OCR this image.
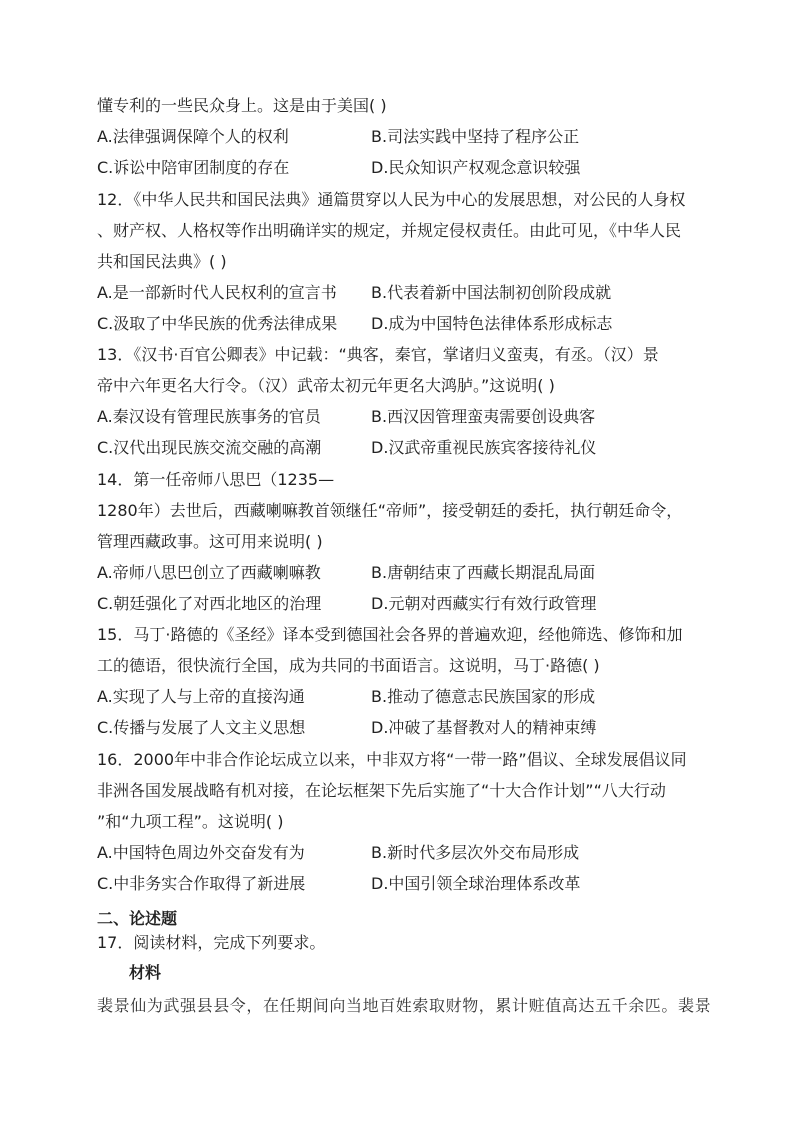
懂专利的一些民众身上。这是由于美国( )
A.法律强调保障个人的权利	B.司法实践中坚持了程序公正
C.诉讼中陪审团制度的存在	D.民众知识产权观念意识较强
12．《中华人民共和国民法典》通篇贯穿以人民为中心的发展思想，对公民的人身权
、财产权、人格权等作出明确详实的规定，并规定侵权责任。由此可见，《中华人民
共和国民法典》( )
A.是一部新时代人民权利的宣言书 B.代表着新中国法制初创阶段成就
C.汲取了中华民族的优秀法律成果 D.成为中国特色法律体系形成标志
13．《汉书·百官公卿表》中记载：“典客，秦官，掌诸归义蛮夷，有丞。（汉）景
帝中六年更名大行令。（汉）武帝太初元年更名大鸿胪。”这说明( )
A.秦汉设有管理民族事务的官员	B.西汉因管理蛮夷需要创设典客
C.汉代出现民族交流交融的高潮	D.汉武帝重视民族宾客接待礼仪
14．第一任帝师八思巴（1235—
1280年）去世后，西藏喇嘛教首领继任“帝师”，接受朝廷的委托，执行朝廷命令，
管理西藏政事。这可用来说明( )
A.帝师八思巴创立了西藏喇嘛教	B.唐朝结束了西藏长期混乱局面
C.朝廷强化了对西北地区的治理	D.元朝对西藏实行有效行政管理
15．马丁·路德的《圣经》译本受到德国社会各界的普遍欢迎，经他筛选、修饰和加
工的德语，很快流行全国，成为共同的书面语言。这说明，马丁·路德( )
A.实现了人与上帝的直接沟通	B.推动了德意志民族国家的形成
C.传播与发展了人文主义思想	D.冲破了基督教对人的精神束缚
16．2000年中非合作论坛成立以来，中非双方将“一带一路”倡议、全球发展倡议同
非洲各国发展战略有机对接，在论坛框架下先后实施了“十大合作计划”“八大行动
”和“九项工程”。这说明( )
A.中国特色周边外交奋发有为	B.新时代多层次外交布局形成
C.中非务实合作取得了新进展	D.中国引领全球治理体系改革
二、论述题
17．阅读材料，完成下列要求。
材料
裴景仙为武强县县令，在任期间向当地百姓索取财物，累计赃值高达五千余匹。裴景
